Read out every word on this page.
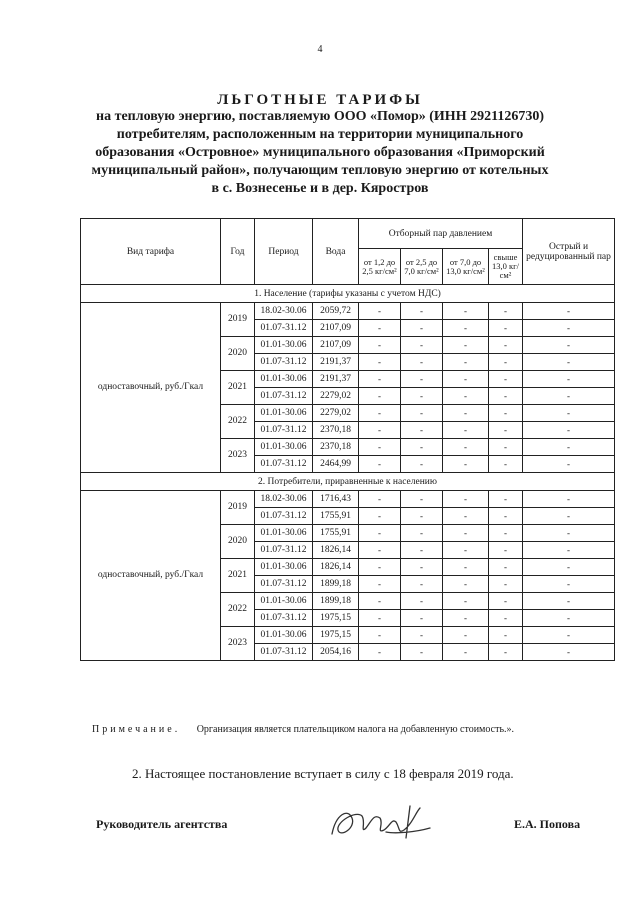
4
ЛЬГОТНЫЕ ТАРИФЫ
на тепловую энергию, поставляемую ООО «Помор» (ИНН 2921126730)
потребителям, расположенным на территории муниципального
образования «Островное» муниципального образования «Приморский
муниципальный район», получающим тепловую энергию от котельных
в с. Вознесенье и в дер. Кяростров
Вид тарифа	Год	Период	Вода	Отборный пар давлением				Острый и редуцированный пар
				от 1,2 до 2,5 кг/см²	от 2,5 до 7,0 кг/см²	от 7,0 до 13,0 кг/см²	свыше 13,0 кг/см²	
1. Население (тарифы указаны с учетом НДС)								
одноставочный, руб./Гкал	2019	18.02-30.06	2059,72	-	-	-	-	-
		01.07-31.12	2107,09	-	-	-	-	-
	2020	01.01-30.06	2107,09	-	-	-	-	-
		01.07-31.12	2191,37	-	-	-	-	-
	2021	01.01-30.06	2191,37	-	-	-	-	-
		01.07-31.12	2279,02	-	-	-	-	-
	2022	01.01-30.06	2279,02	-	-	-	-	-
		01.07-31.12	2370,18	-	-	-	-	-
	2023	01.01-30.06	2370,18	-	-	-	-	-
		01.07-31.12	2464,99	-	-	-	-	-
2. Потребители, приравненные к населению								
одноставочный, руб./Гкал	2019	18.02-30.06	1716,43	-	-	-	-	-
		01.07-31.12	1755,91	-	-	-	-	-
	2020	01.01-30.06	1755,91	-	-	-	-	-
		01.07-31.12	1826,14	-	-	-	-	-
	2021	01.01-30.06	1826,14	-	-	-	-	-
		01.07-31.12	1899,18	-	-	-	-	-
	2022	01.01-30.06	1899,18	-	-	-	-	-
		01.07-31.12	1975,15	-	-	-	-	-
	2023	01.01-30.06	1975,15	-	-	-	-	-
		01.07-31.12	2054,16	-	-	-	-	-
Примечание. Организация является плательщиком налога на добавленную стоимость.».
2. Настоящее постановление вступает в силу с 18 февраля 2019 года.
Руководитель агентства	Е.А. Попова
